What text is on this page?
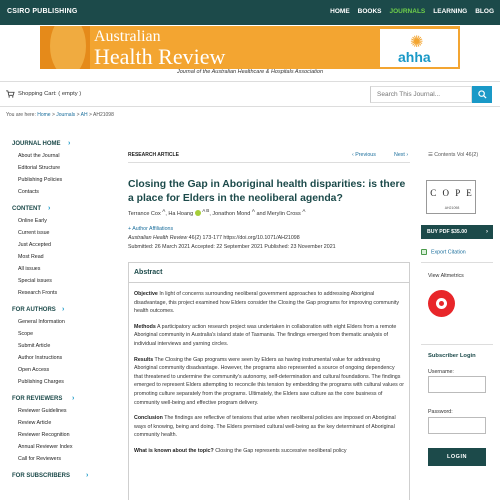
CSIRO PUBLISHING	HOME BOOKS JOURNALS LEARNING BLOG
Australian
Health Review
✺
ahha
Journal of the Australian Healthcare & Hospitals Association
Shopping Cart: ( empty )
Search This Journal...
You are here: Home > Journals > AH > AH21098
JOURNAL HOME ›
About the Journal
Editorial Structure
Publishing Policies
Contacts
CONTENT ›
Online Early
Current issue
Just Accepted
Most Read
All issues
Special issues
Research Fronts
FOR AUTHORS ›
General Information
Scope
Submit Article
Author Instructions
Open Access
Publishing Charges
FOR REVIEWERS ›
Reviewer Guidelines
Review Article
Reviewer Recognition
Annual Reviewer Index
Call for Reviewers
FOR SUBSCRIBERS ›
RESEARCH ARTICLE	‹ Previous	Next ›	☰ Contents Vol 46(2)
Closing the Gap in Aboriginal health disparities: is there a place for Elders in the neoliberal agenda?
Terrance Cox $^A$, Ha Hoang  $^{A B}$, Jonathon Mond $^A$ and Merylin Cross $^A$
+ Author Affiliations
Australian Health Review 46(2) 173-177 https://doi.org/10.1071/AH21098
Submitted: 26 March 2021 Accepted: 22 September 2021 Published: 23 November 2021
Abstract
Objective In light of concerns surrounding neoliberal government approaches to addressing Aboriginal disadvantage, this project examined how Elders consider the Closing the Gap programs for improving community health outcomes.
Methods A participatory action research project was undertaken in collaboration with eight Elders from a remote Aboriginal community in Australia's island state of Tasmania. The findings emerged from thematic analysis of individual interviews and yarning circles.
Results The Closing the Gap programs were seen by Elders as having instrumental value for addressing Aboriginal community disadvantage. However, the programs also represented a source of ongoing dependency that threatened to undermine the community's autonomy, self-determination and cultural foundations. The findings emerged to represent Elders attempting to reconcile this tension by embedding the programs with cultural values or promoting culture separately from the programs. Ultimately, the Elders saw culture as the core business of community well-being and effective program delivery.
Conclusion The findings are reflective of tensions that arise when neoliberal policies are imposed on Aboriginal ways of knowing, being and doing. The Elders premised cultural well-being as the key determinant of Aboriginal community health.
What is known about the topic? Closing the Gap represents successive neoliberal policy
C O P E
AH21098
BUY PDF $35.00	›
Export Citation
View Altmetrics
Subscriber Login
Username:
Password:
LOGIN
